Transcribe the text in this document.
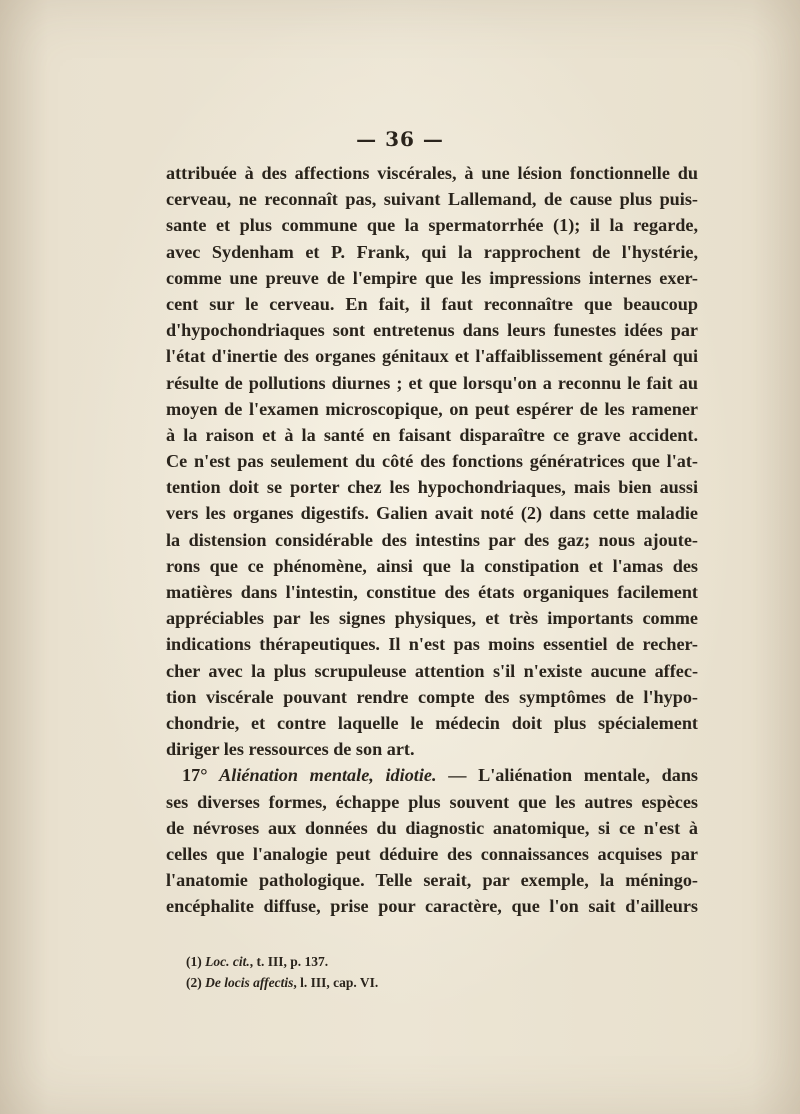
— 36 —
attribuée à des affections viscérales, à une lésion fonctionnelle du
cerveau, ne reconnaît pas, suivant Lallemand, de cause plus puis-
sante et plus commune que la spermatorrhée (1); il la regarde,
avec Sydenham et P. Frank, qui la rapprochent de l'hystérie,
comme une preuve de l'empire que les impressions internes exer-
cent sur le cerveau. En fait, il faut reconnaître que beaucoup
d'hypochondriaques sont entretenus dans leurs funestes idées par
l'état d'inertie des organes génitaux et l'affaiblissement général qui
résulte de pollutions diurnes ; et que lorsqu'on a reconnu le fait au
moyen de l'examen microscopique, on peut espérer de les ramener
à la raison et à la santé en faisant disparaître ce grave accident.
Ce n'est pas seulement du côté des fonctions génératrices que l'at-
tention doit se porter chez les hypochondriaques, mais bien aussi
vers les organes digestifs. Galien avait noté (2) dans cette maladie
la distension considérable des intestins par des gaz; nous ajoute-
rons que ce phénomène, ainsi que la constipation et l'amas des
matières dans l'intestin, constitue des états organiques facilement
appréciables par les signes physiques, et très importants comme
indications thérapeutiques. Il n'est pas moins essentiel de recher-
cher avec la plus scrupuleuse attention s'il n'existe aucune affec-
tion viscérale pouvant rendre compte des symptômes de l'hypo-
chondrie, et contre laquelle le médecin doit plus spécialement
diriger les ressources de son art.
17° Aliénation mentale, idiotie. — L'aliénation mentale, dans
ses diverses formes, échappe plus souvent que les autres espèces
de névroses aux données du diagnostic anatomique, si ce n'est à
celles que l'analogie peut déduire des connaissances acquises par
l'anatomie pathologique. Telle serait, par exemple, la méningo-
encéphalite diffuse, prise pour caractère, que l'on sait d'ailleurs
(1) Loc. cit., t. III, p. 137.
(2) De locis affectis, l. III, cap. VI.
